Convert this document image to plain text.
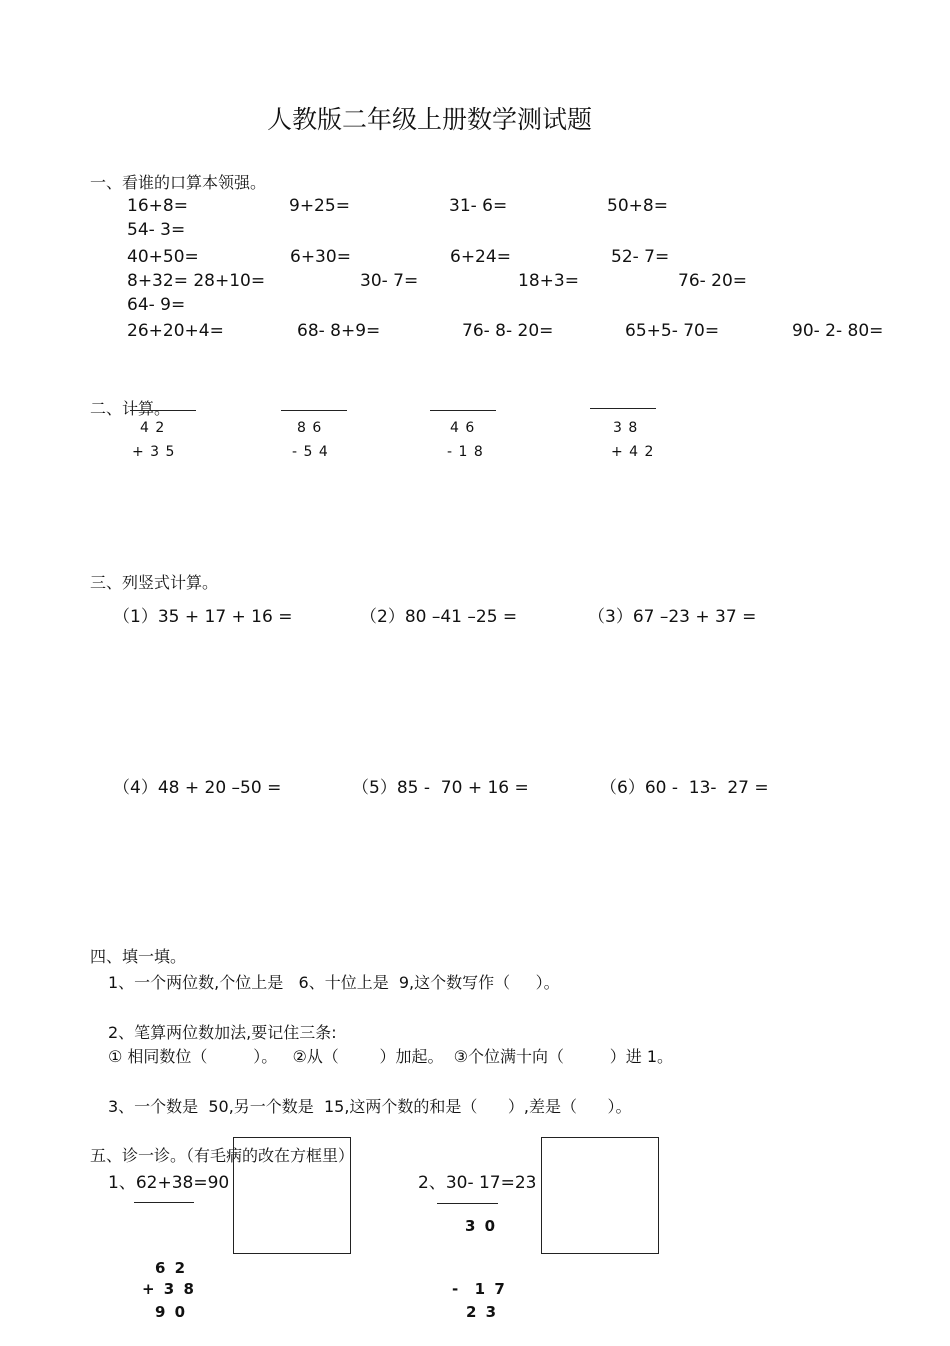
人教版二年级上册数学测试题
一、看谁的口算本领强。
16+8=	9+25=	31- 6=	50+8=
54- 3=
40+50=	6+30=	6+24=	52- 7=
8+32= 28+10=	30- 7=	18+3=	76- 20=
64- 9=
26+20+4=	68- 8+9=	76- 8- 20=	65+5- 70=	90- 2- 80=
二、计算。
4 2
+ 3 5
8 6
- 5 4
4 6
- 1 8
3 8
+ 4 2
三、列竖式计算。
（1）35 + 17 + 16 =	（2）80 –41 –25 =	（3）67 –23 + 37 =
（4）48 + 20 –50 =	（5）85 -  70 + 16 =	（6）60 -  13-  27 =
四、填一填。
1、一个两位数,个位上是   6、十位上是  9,这个数写作（     ）。
2、笔算两位数加法,要记住三条:
① 相同数位（         ）。   ②从（        ）加起。  ③个位满十向（         ）进 1。
3、一个数是  50,另一个数是  15,这两个数的和是（      ）,差是（      ）。
五、诊一诊。（有毛病的改在方框里）
1、62+38=90	2、30- 17=23
6 2
+ 3 8
9 0
3 0
-  1 7
2 3
